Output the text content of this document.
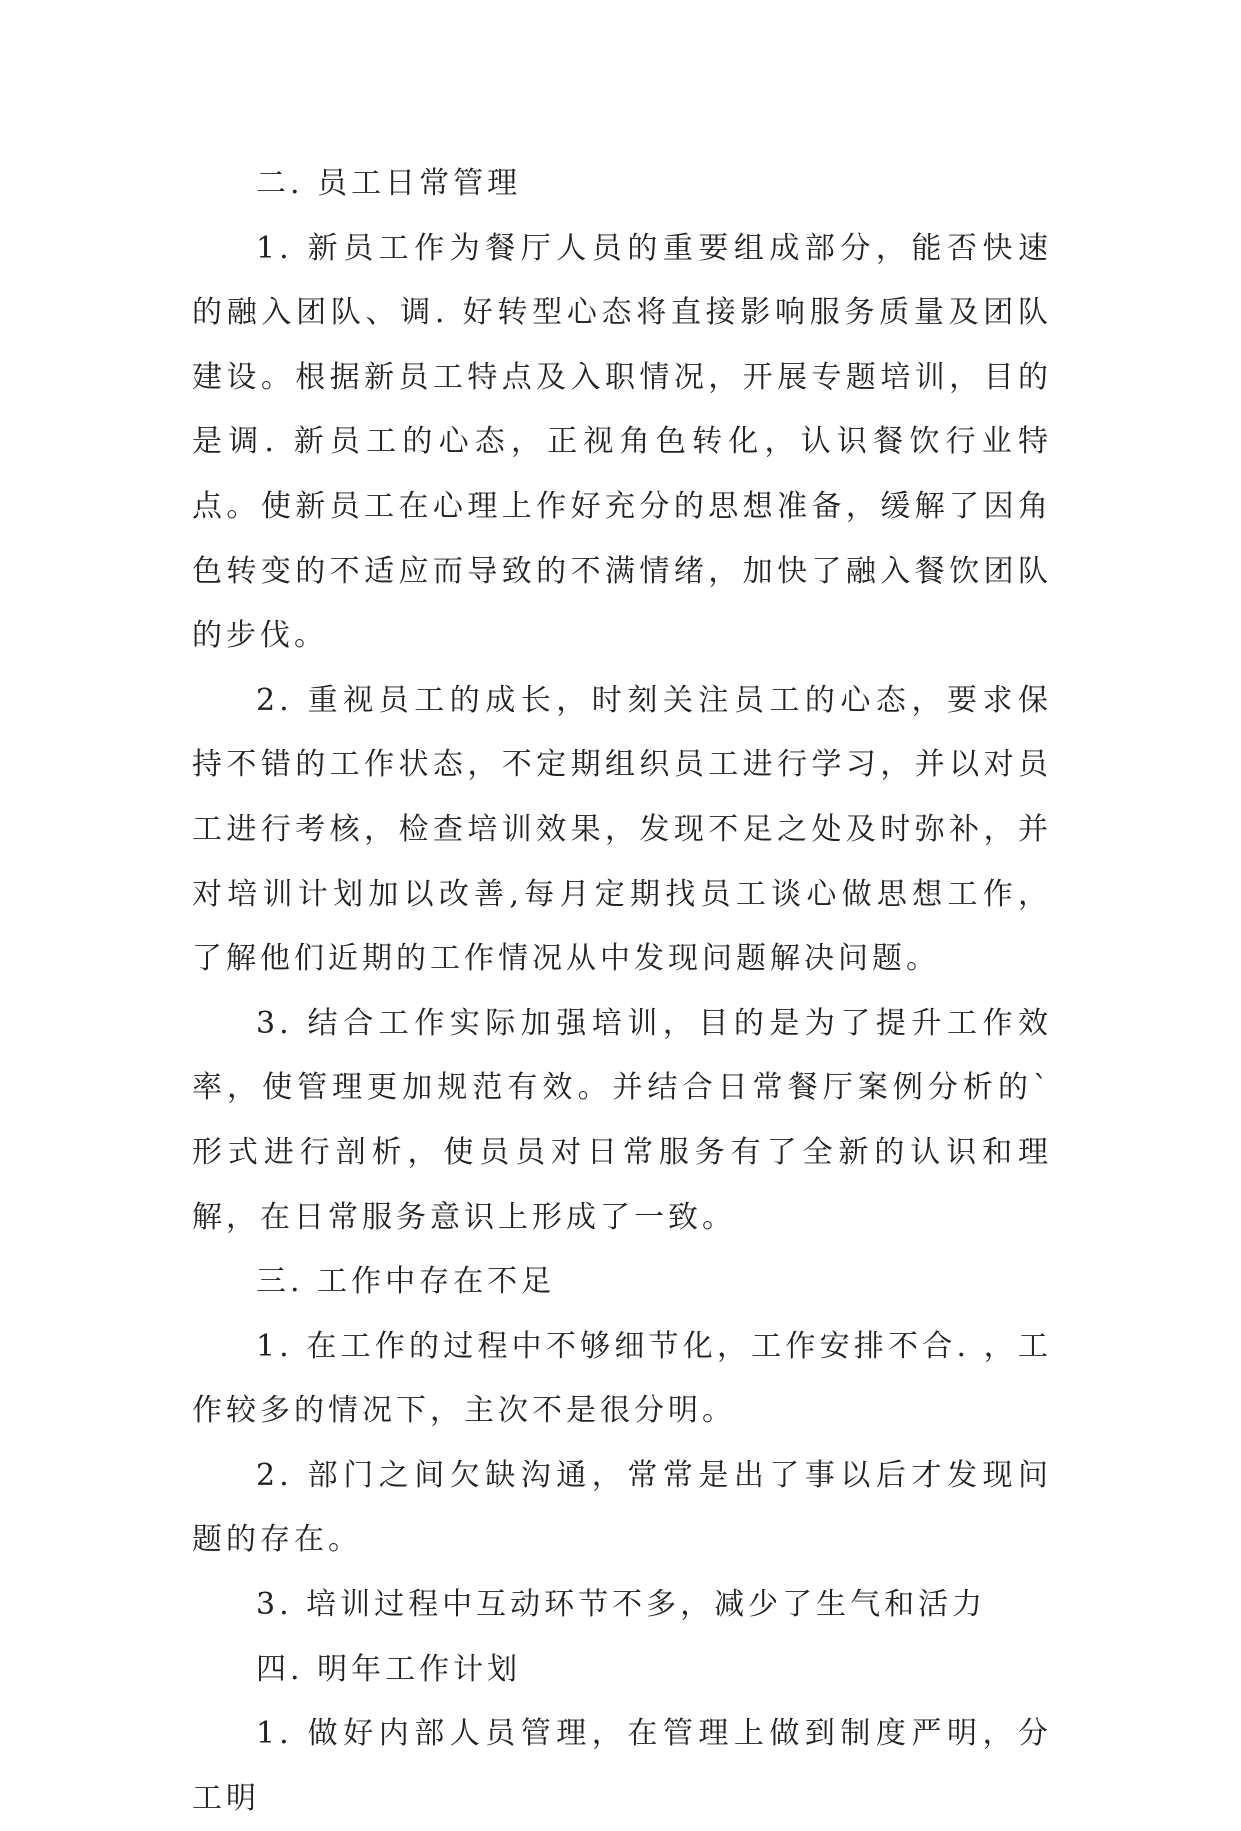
二. 员工日常管理

1. 新员工作为餐厅人员的重要组成部分，能否快速的融入团队、调. 好转型心态将直接影响服务质量及团队建设。根据新员工特点及入职情况，开展专题培训，目的是调. 新员工的心态，正视角色转化，认识餐饮行业特点。使新员工在心理上作好充分的思想准备，缓解了因角色转变的不适应而导致的不满情绪，加快了融入餐饮团队的步伐。

2. 重视员工的成长，时刻关注员工的心态，要求保持不错的工作状态，不定期组织员工进行学习，并以对员工进行考核，检查培训效果，发现不足之处及时弥补，并对培训计划加以改善,每月定期找员工谈心做思想工作，了解他们近期的工作情况从中发现问题解决问题。

3. 结合工作实际加强培训，目的是为了提升工作效率，使管理更加规范有效。并结合日常餐厅案例分析的`形式进行剖析，使员员对日常服务有了全新的认识和理解，在日常服务意识上形成了一致。

三. 工作中存在不足

1. 在工作的过程中不够细节化，工作安排不合. ，工作较多的情况下，主次不是很分明。

2. 部门之间欠缺沟通，常常是出了事以后才发现问题的存在。

3. 培训过程中互动环节不多，减少了生气和活力

四. 明年工作计划

1. 做好内部人员管理，在管理上做到制度严明，分工明
